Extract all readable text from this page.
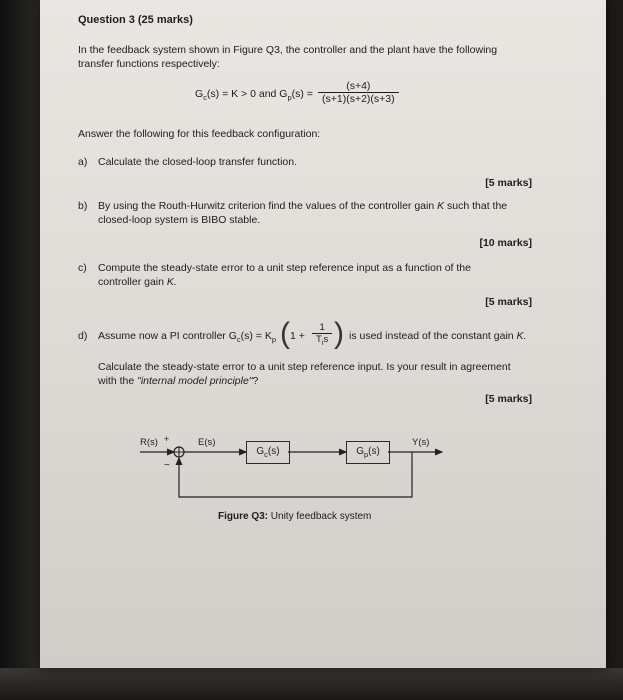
Question 3 (25 marks)
In the feedback system shown in Figure Q3, the controller and the plant have the following
transfer functions respectively:
$G_c(s) = K > 0$ and $G_p(s) = \frac{(s+4)}{(s+1)(s+2)(s+3)}$
Answer the following for this feedback configuration:
a) Calculate the closed-loop transfer function.
[5 marks]
b) By using the Routh-Hurwitz criterion find the values of the controller gain K such that the
closed-loop system is BIBO stable.
[10 marks]
c) Compute the steady-state error to a unit step reference input as a function of the
controller gain K.
[5 marks]
d) Assume now a PI controller $G_c(s) = K_p$ ( 1 +
1
$T_is$ ) is used instead of the constant gain K.
Calculate the steady-state error to a unit step reference input. Is your result in agreement
with the "internal model principle"?
[5 marks]
R(s) +
−
E(s)
$G_c(s)$	$G_p(s)$
Y(s)
Figure Q3: Unity feedback system
